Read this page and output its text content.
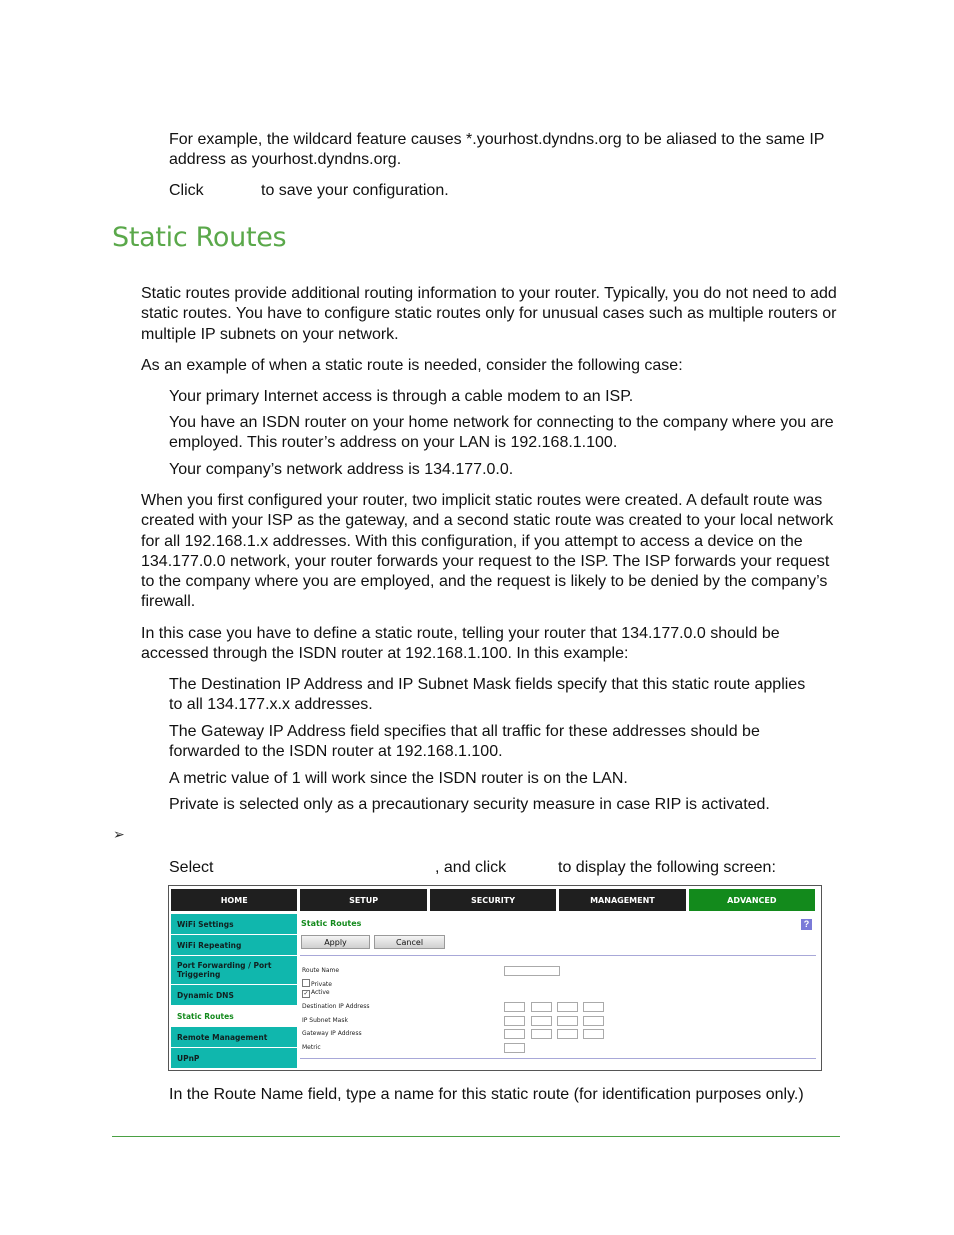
For example, the wildcard feature causes *.yourhost.dyndns.org to be aliased to the same IP address as yourhost.dyndns.org.

Click	to save your configuration.

Static Routes

Static routes provide additional routing information to your router. Typically, you do not need to add static routes. You have to configure static routes only for unusual cases such as multiple routers or multiple IP subnets on your network.

As an example of when a static route is needed, consider the following case:

Your primary Internet access is through a cable modem to an ISP.

You have an ISDN router on your home network for connecting to the company where you are employed. This router’s address on your LAN is 192.168.1.100.

Your company’s network address is 134.177.0.0.

When you first configured your router, two implicit static routes were created. A default route was created with your ISP as the gateway, and a second static route was created to your local network for all 192.168.1.x addresses. With this configuration, if you attempt to access a device on the 134.177.0.0 network, your router forwards your request to the ISP. The ISP forwards your request to the company where you are employed, and the request is likely to be denied by the company’s firewall.

In this case you have to define a static route, telling your router that 134.177.0.0 should be accessed through the ISDN router at 192.168.1.100. In this example:

The Destination IP Address and IP Subnet Mask fields specify that this static route applies to all 134.177.x.x addresses.

The Gateway IP Address field specifies that all traffic for these addresses should be forwarded to the ISDN router at 192.168.1.100.

A metric value of 1 will work since the ISDN router is on the LAN.

Private is selected only as a precautionary security measure in case RIP is activated.

➢

Select	, and click	to display the following screen:

HOME	SETUP	SECURITY	MANAGEMENT	ADVANCED
WiFi Settings
WiFi Repeating
Port Forwarding / Port Triggering
Dynamic DNS
Static Routes
Remote Management
UPnP
Static Routes	?
Apply	Cancel
Route Name
Private
✓ Active
Destination IP Address
IP Subnet Mask
Gateway IP Address
Metric

In the Route Name field, type a name for this static route (for identification purposes only.)
